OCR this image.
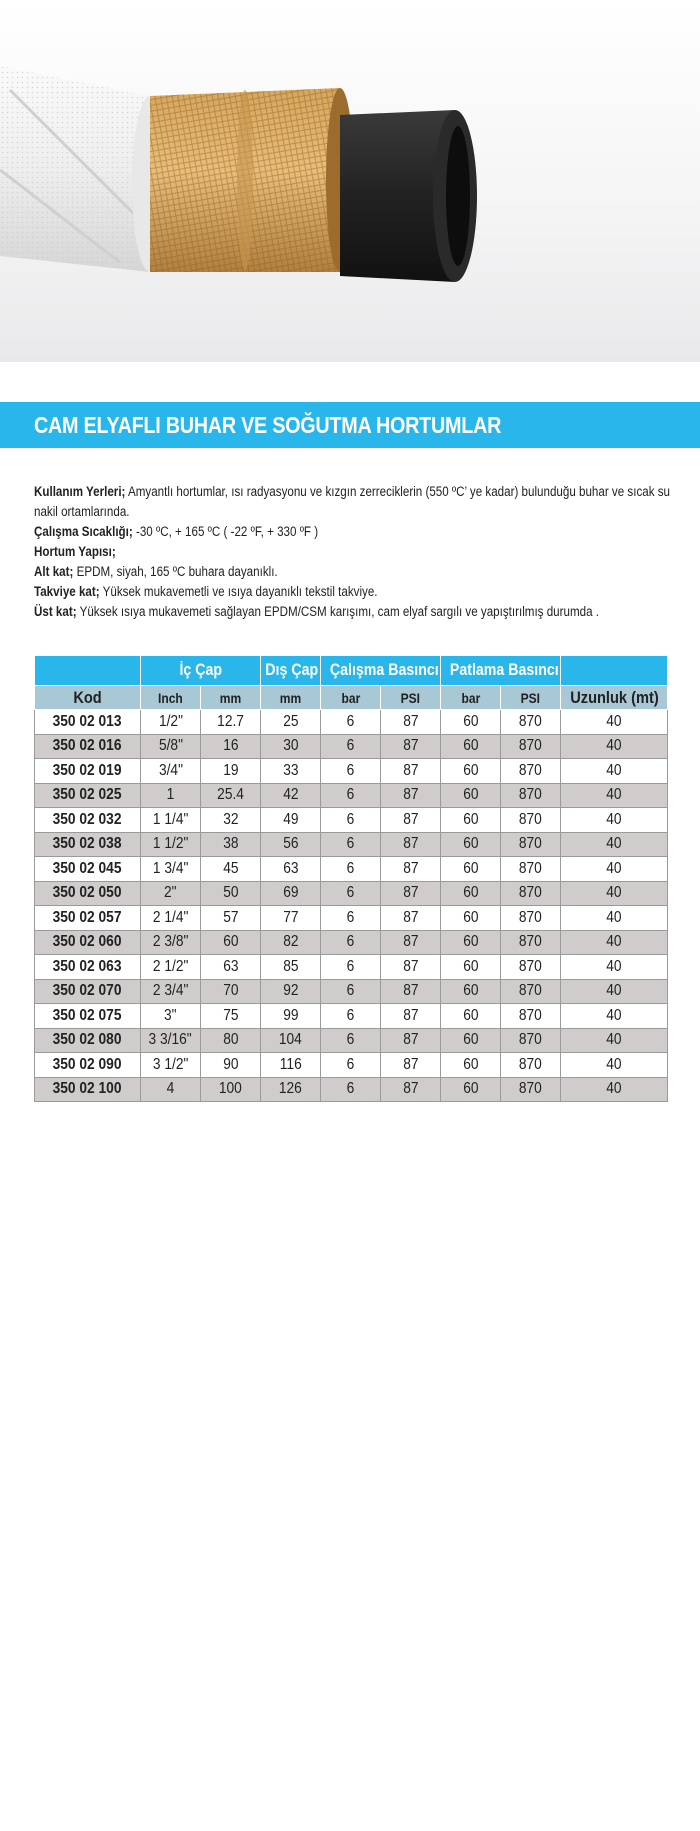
CAM ELYAFLI BUHAR VE SOĞUTMA HORTUMLAR
Kullanım Yerleri; Amyantlı hortumlar, ısı radyasyonu ve kızgın zerreciklerin (550 ºC’ ye kadar) bulunduğu buhar ve sıcak su nakil ortamlarında.
Çalışma Sıcaklığı; -30 ºC, + 165 ºC ( -22 ºF, + 330 ºF )
Hortum Yapısı;
Alt kat; EPDM, siyah, 165 ºC buhara dayanıklı.
Takviye kat; Yüksek mukavemetli ve ısıya dayanıklı tekstil takviye.
Üst kat; Yüksek ısıya mukavemeti sağlayan EPDM/CSM karışımı, cam elyaf sargılı ve yapıştırılmış durumda .
	İç Çap		Dış Çap	Çalışma Basıncı		Patlama Basıncı		
Kod	Inch	mm	mm	bar	PSI	bar	PSI	Uzunluk (mt)
350 02 013	1/2"	12.7	25	6	87	60	870	40
350 02 016	5/8"	16	30	6	87	60	870	40
350 02 019	3/4"	19	33	6	87	60	870	40
350 02 025	1	25.4	42	6	87	60	870	40
350 02 032	1 1/4"	32	49	6	87	60	870	40
350 02 038	1 1/2"	38	56	6	87	60	870	40
350 02 045	1 3/4"	45	63	6	87	60	870	40
350 02 050	2"	50	69	6	87	60	870	40
350 02 057	2 1/4"	57	77	6	87	60	870	40
350 02 060	2 3/8"	60	82	6	87	60	870	40
350 02 063	2 1/2"	63	85	6	87	60	870	40
350 02 070	2 3/4"	70	92	6	87	60	870	40
350 02 075	3"	75	99	6	87	60	870	40
350 02 080	3 3/16"	80	104	6	87	60	870	40
350 02 090	3 1/2"	90	116	6	87	60	870	40
350 02 100	4	100	126	6	87	60	870	40
